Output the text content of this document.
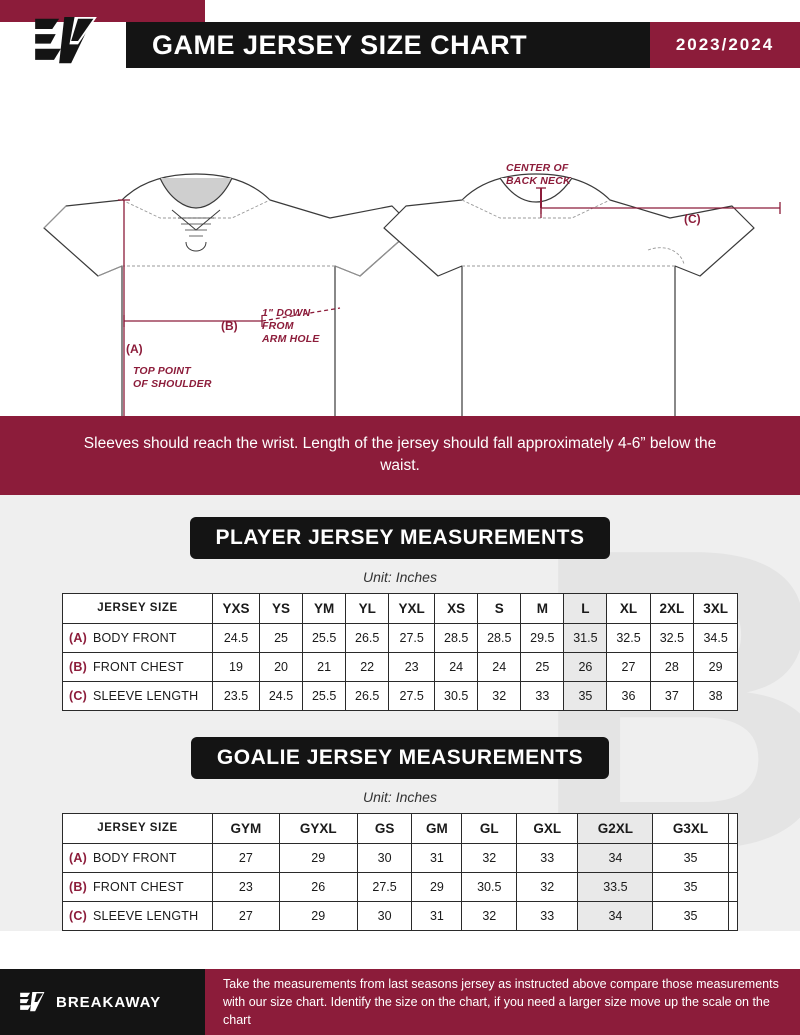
GAME JERSEY SIZE CHART	2023/2024
CENTER OF
BACK NECK
1" DOWN
FROM
ARM HOLE
TOP POINT
OF SHOULDER
(A)
(B)
(C)
Sleeves should reach the wrist. Length of the jersey should fall approximately 4-6” below the waist.
PLAYER JERSEY MEASUREMENTS
Unit: Inches
JERSEY SIZE	YXS	YS	YM	YL	YXL	XS	S	M	L	XL	2XL	3XL
(A) BODY FRONT	24.5	25	25.5	26.5	27.5	28.5	28.5	29.5	31.5	32.5	32.5	34.5
(B) FRONT CHEST	19	20	21	22	23	24	24	25	26	27	28	29
(C) SLEEVE LENGTH	23.5	24.5	25.5	26.5	27.5	30.5	32	33	35	36	37	38
GOALIE JERSEY MEASUREMENTS
Unit: Inches
JERSEY SIZE	GYM	GYXL	GS	GM	GL	GXL	G2XL	G3XL	
(A) BODY FRONT	27	29	30	31	32	33	34	35	
(B) FRONT CHEST	23	26	27.5	29	30.5	32	33.5	35	
(C) SLEEVE LENGTH	27	29	30	31	32	33	34	35	
BREAKAWAY
Take the measurements from last seasons jersey as instructed above compare those measurements with our size chart. Identify the size on the chart, if you need a larger size move up the scale on the chart
